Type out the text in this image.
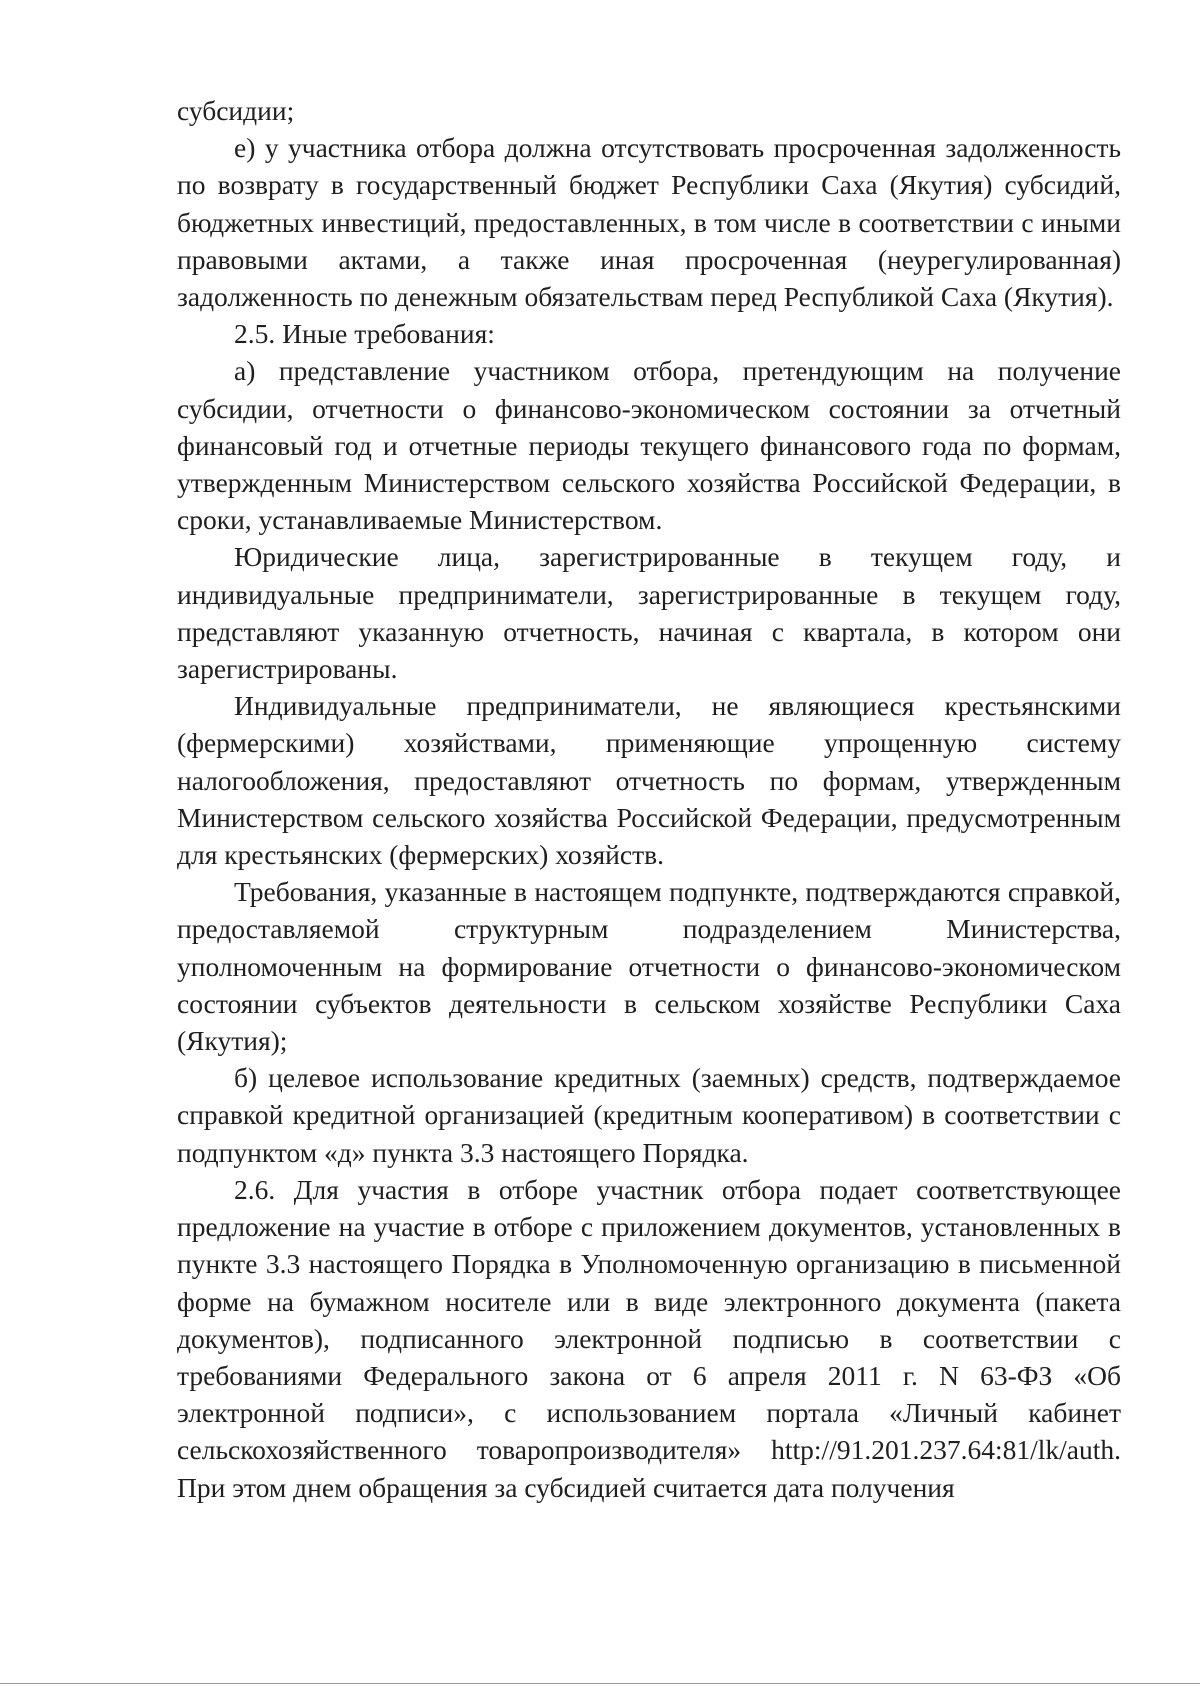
субсидии;

е) у участника отбора должна отсутствовать просроченная задолженность по возврату в государственный бюджет Республики Саха (Якутия) субсидий, бюджетных инвестиций, предоставленных, в том числе в соответствии с иными правовыми актами, а также иная просроченная (неурегулированная) задолженность по денежным обязательствам перед Республикой Саха (Якутия).

2.5. Иные требования:

а) представление участником отбора, претендующим на получение субсидии, отчетности о финансово-экономическом состоянии за отчетный финансовый год и отчетные периоды текущего финансового года по формам, утвержденным Министерством сельского хозяйства Российской Федерации, в сроки, устанавливаемые Министерством.

Юридические лица, зарегистрированные в текущем году, и индивидуальные предприниматели, зарегистрированные в текущем году, представляют указанную отчетность, начиная с квартала, в котором они зарегистрированы.

Индивидуальные предприниматели, не являющиеся крестьянскими (фермерскими) хозяйствами, применяющие упрощенную систему налогообложения, предоставляют отчетность по формам, утвержденным Министерством сельского хозяйства Российской Федерации, предусмотренным для крестьянских (фермерских) хозяйств.

Требования, указанные в настоящем подпункте, подтверждаются справкой, предоставляемой структурным подразделением Министерства, уполномоченным на формирование отчетности о финансово-экономическом состоянии субъектов деятельности в сельском хозяйстве Республики Саха (Якутия);

б) целевое использование кредитных (заемных) средств, подтверждаемое справкой кредитной организацией (кредитным кооперативом) в соответствии с подпунктом «д» пункта 3.3 настоящего Порядка.

2.6. Для участия в отборе участник отбора подает соответствующее предложение на участие в отборе с приложением документов, установленных в пункте 3.3 настоящего Порядка в Уполномоченную организацию в письменной форме на бумажном носителе или в виде электронного документа (пакета документов), подписанного электронной подписью в соответствии с требованиями Федерального закона от 6 апреля 2011 г. N 63-ФЗ «Об электронной подписи», с использованием портала «Личный кабинет сельскохозяйственного товаропроизводителя» http://91.201.237.64:81/lk/auth. При этом днем обращения за субсидией считается дата получения
